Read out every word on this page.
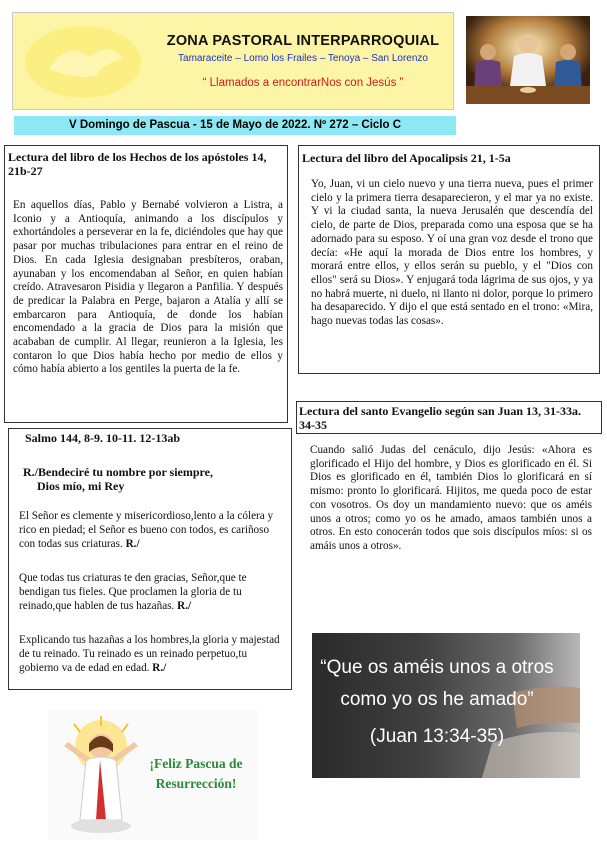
ZONA PASTORAL INTERPARROQUIAL
Tamaraceite – Lomo los Frailes – Tenoya – San Lorenzo
“ Llamados a encontrarNos con Jesús ”
V Domingo de Pascua - 15 de Mayo de 2022. Nº 272 – Ciclo C
Lectura del libro de los Hechos de los apóstoles 14, 21b-27
En aquellos días, Pablo y Bernabé volvieron a Listra, a Iconio y a Antioquía, animando a los discípulos y exhortándoles a perseverar en la fe, diciéndoles que hay que pasar por muchas tribulaciones para entrar en el reino de Dios. En cada Iglesia designaban presbíteros, oraban, ayunaban y los encomendaban al Señor, en quien habían creído. Atravesaron Pisidia y llegaron a Panfilia. Y después de predicar la Palabra en Perge, bajaron a Atalía y allí se embarcaron para Antioquía, de donde los habían encomendado a la gracia de Dios para la misión que acababan de cumplir. Al llegar, reunieron a la Iglesia, les contaron lo que Dios había hecho por medio de ellos y cómo había abierto a los gentiles la puerta de la fe.
Lectura del libro del Apocalipsis 21, 1-5a
Yo, Juan, vi un cielo nuevo y una tierra nueva, pues el primer cielo y la primera tierra desaparecieron, y el mar ya no existe. Y vi la ciudad santa, la nueva Jerusalén que descendía del cielo, de parte de Dios, preparada como una esposa que se ha adornado para su esposo. Y oí una gran voz desde el trono que decía: «He aquí la morada de Dios entre los hombres, y morará entre ellos, y ellos serán su pueblo, y el "Dios con ellos" será su Dios». Y enjugará toda lágrima de sus ojos, y ya no habrá muerte, ni duelo, ni llanto ni dolor, porque lo primero ha desaparecido. Y dijo el que está sentado en el trono: «Mira, hago nuevas todas las cosas».
Lectura del santo Evangelio según san Juan 13, 31-33a. 34-35
Cuando salió Judas del cenáculo, dijo Jesús: «Ahora es glorificado el Hijo del hombre, y Dios es glorificado en él. Si Dios es glorificado en él, también Dios lo glorificará en sí mismo: pronto lo glorificará. Hijitos, me queda poco de estar con vosotros. Os doy un mandamiento nuevo: que os améis unos a otros; como yo os he amado, amaos también unos a otros. En esto conocerán todos que sois discípulos míos: si os amáis unos a otros».
Salmo 144, 8-9. 10-11. 12-13ab
R./Bendeciré tu nombre por siempre,
Dios mío, mi Rey
El Señor es clemente y misericordioso,lento a la cólera y rico en piedad; el Señor es bueno con todos, es cariñoso con todas sus criaturas. R./
Que todas tus criaturas te den gracias, Señor,que te bendigan tus fieles. Que proclamen la gloria de tu reinado,que hablen de tus hazañas. R./
Explicando tus hazañas a los hombres,la gloria y majestad de tu reinado. Tu reinado es un reinado perpetuo,tu gobierno va de edad en edad. R./	“Que os améis unos a otros
como yo os he amado”
(Juan 13:34-35)
¡Feliz Pascua de
Resurrección!
